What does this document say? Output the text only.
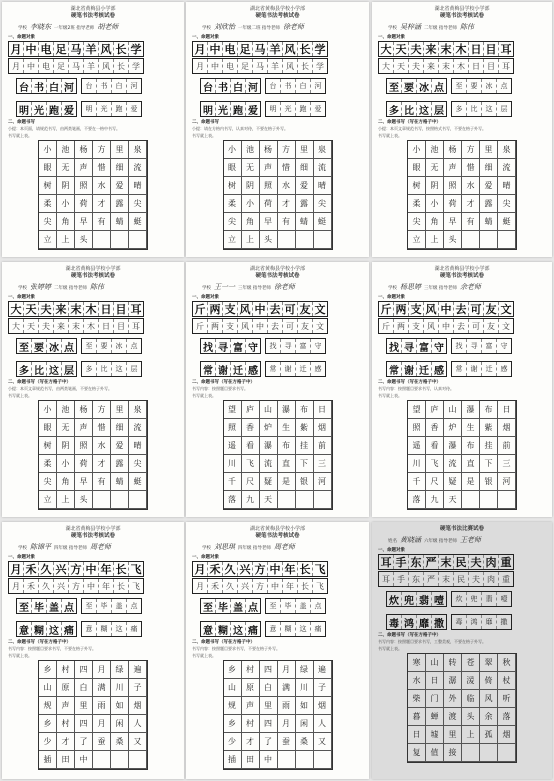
湖北省黄梅县小学部
硬笔书法考核试卷
学校 李晓东 一年级2班 指导老师 胡老师
一、命题对象
月 中 电 足 马 羊 风 长 学
月 中 电 足 马 羊 风 长 学
台 书 白 河	台	书	白	河
明 光 跑 爱	明	光	跑	爱
二、命题书写
小提：本页面，请规范书写，由两类笔画，不要在一格中书写。
书写就上表。
小	池	杨	方	里	泉
眼	无	声	惜	细	流
树	阴	照	水	爱	晴
柔	小	荷	才	露	尖
尖	角	早	有	蜻	蜓
立	上	头
湖北省黄梅县学校小学部
硬笔书法考核试卷
学校 刘欣怡 一年级二班 指导老师 徐老师
一、命题对象
月 中 电 足 马 羊 风 长 学
月 中 电 足 马 羊 风 长 学
台 书 白 河	台	书	白	河
明 光 跑 爱	明	光	跑	爱
二、命题书写
小提：请在方格内书写，认真对待，不要在格子外写。
书写就上表。
小	池	杨	方	里	泉
眼	无	声	惜	细	流
树	阴	照	水	爱	晴
柔	小	荷	才	露	尖
尖	角	早	有	蜻	蜓
立	上	头
湖北省黄梅县学校小学部
硬笔书法考核试卷
学校 吴梓涵 二年级 指导老师 陈伟
一、命题对象
大 天 夫 来 末 木 日 目 耳
大 天 夫 来 末 木 日 目 耳
至 要 冰 点	至	要	冰	点
多 比 这 层	多	比	这	层
二、命题书写（写在方格子中）
小提：本页文章规范书写，按照格式书写，不要在格子外写。
书写就上表。
小	池	杨	方	里	泉
眼	无	声	惜	细	流
树	阴	照	水	爱	晴
柔	小	荷	才	露	尖
尖	角	早	有	蜻	蜓
立	上	头
湖北省黄梅县学校小学部
硬笔书法考核试卷
学校 张婷婷 二年级 指导老师 陈伟
一、命题对象
大 天 夫 来 末 木 日 目 耳
大 天 夫 来 末 木 日 目 耳
至 要 冰 点	至	要	冰	点
多 比 这 层	多	比	这	层
二、命题书写（写在方格子中）
小提：本页文章规范书写，由两类笔画，不要在格子外写。
书写就上表。
小	池	杨	方	里	泉
眼	无	声	惜	细	流
树	阴	照	水	爱	晴
柔	小	荷	才	露	尖
尖	角	早	有	蜻	蜓
立	上	头
湖北省黄梅县学校小学部
硬笔书法考核试卷
学校 王一一 三年级 指导老师 徐老师
一、命题对象
斤 两 支 风 中 去 可 友 文
斤 两 支 风 中 去 可 友 文
找 寻 富 守	找	寻	富	守
常 谢 迁 感	常	谢	迁	感
二、命题书写（写在方格子中）
书写内容：按照题目要求书写。
书写就上表。
望	庐	山	瀑	布	日
照	香	炉	生	紫	烟
遥	看	瀑	布	挂	前
川	飞	流	直	下	三
千	尺	疑	是	银	河
落	九	天
湖北省黄梅县学校小学部
硬笔书法考核试卷
学校 杨思婷 三年级 指导老师 余老师
一、命题对象
斤 两 支 风 中 去 可 友 文
斤 两 支 风 中 去 可 友 文
找 寻 富 守	找	寻	富	守
常 谢 迁 感	常	谢	迁	感
二、命题书写（写在方格子中）
书写内容：按照题目要求书写，认真对待。
书写就上表。
望	庐	山	瀑	布	日
照	香	炉	生	紫	烟
遥	看	瀑	布	挂	前
川	飞	流	直	下	三
千	尺	疑	是	银	河
落	九	天
湖北省黄梅县学校小学部
硬笔书法考核试卷
学校 陈锦平 四年级 指导老师 周老师
一、命题对象
月 禾 久 兴 方 中 年 长 飞
月 禾 久 兴 方 中 年 长 飞
至 毕 盖 点	至	毕	盖	点
意 糊 这 痛	意	糊	这	痛
二、命题书写（写在方格子中）
书写内容：按照题目要求书写，不要在格子外写。
书写就上表。
乡	村	四	月	绿	遍
山	原	白	满	川	子
规	声	里	雨	如	烟
乡	村	四	月	闲	人
少	才	了	蚕	桑	又
插	田	中
湖北省黄梅县学校小学部
硬笔书法考核试卷
学校 刘思琪 四年级 指导老师 周老师
一、命题对象
月 禾 久 兴 方 中 年 长 飞
月 禾 久 兴 方 中 年 长 飞
至 毕 盖 点	至	毕	盖	点
意 糊 这 痛	意	糊	这	痛
二、命题书写（写在方格子中）
书写内容：按照题目要求书写，不要在格子外写。
书写就上表。
乡	村	四	月	绿	遍
山	原	白	满	川	子
规	声	里	雨	如	烟
乡	村	四	月	闲	人
少	才	了	蚕	桑	又
插	田	中
硬笔书法比赛试卷
姓名 黄晓涵 六年级 指导老师 王老师
一、命题对象
耳 手 东 严 末 民 夫 肉 重
耳 手 东 严 末 民 夫 肉 重
炊 兜 翡 噎	炊	兜	翡	噎
毒 鸿 靡 撒	毒	鸿	靡	撒
二、命题书写（写在方格子中）
书写内容：按照题目要求书写，工整美观，不要在格子外写。
书写就上表。
寒	山	转	苍	翠	秋
水	日	潺	湲	倚	杖
柴	门	外	临	风	听
暮	蝉	渡	头	余	落
日	墟	里	上	孤	烟
复	值	接
